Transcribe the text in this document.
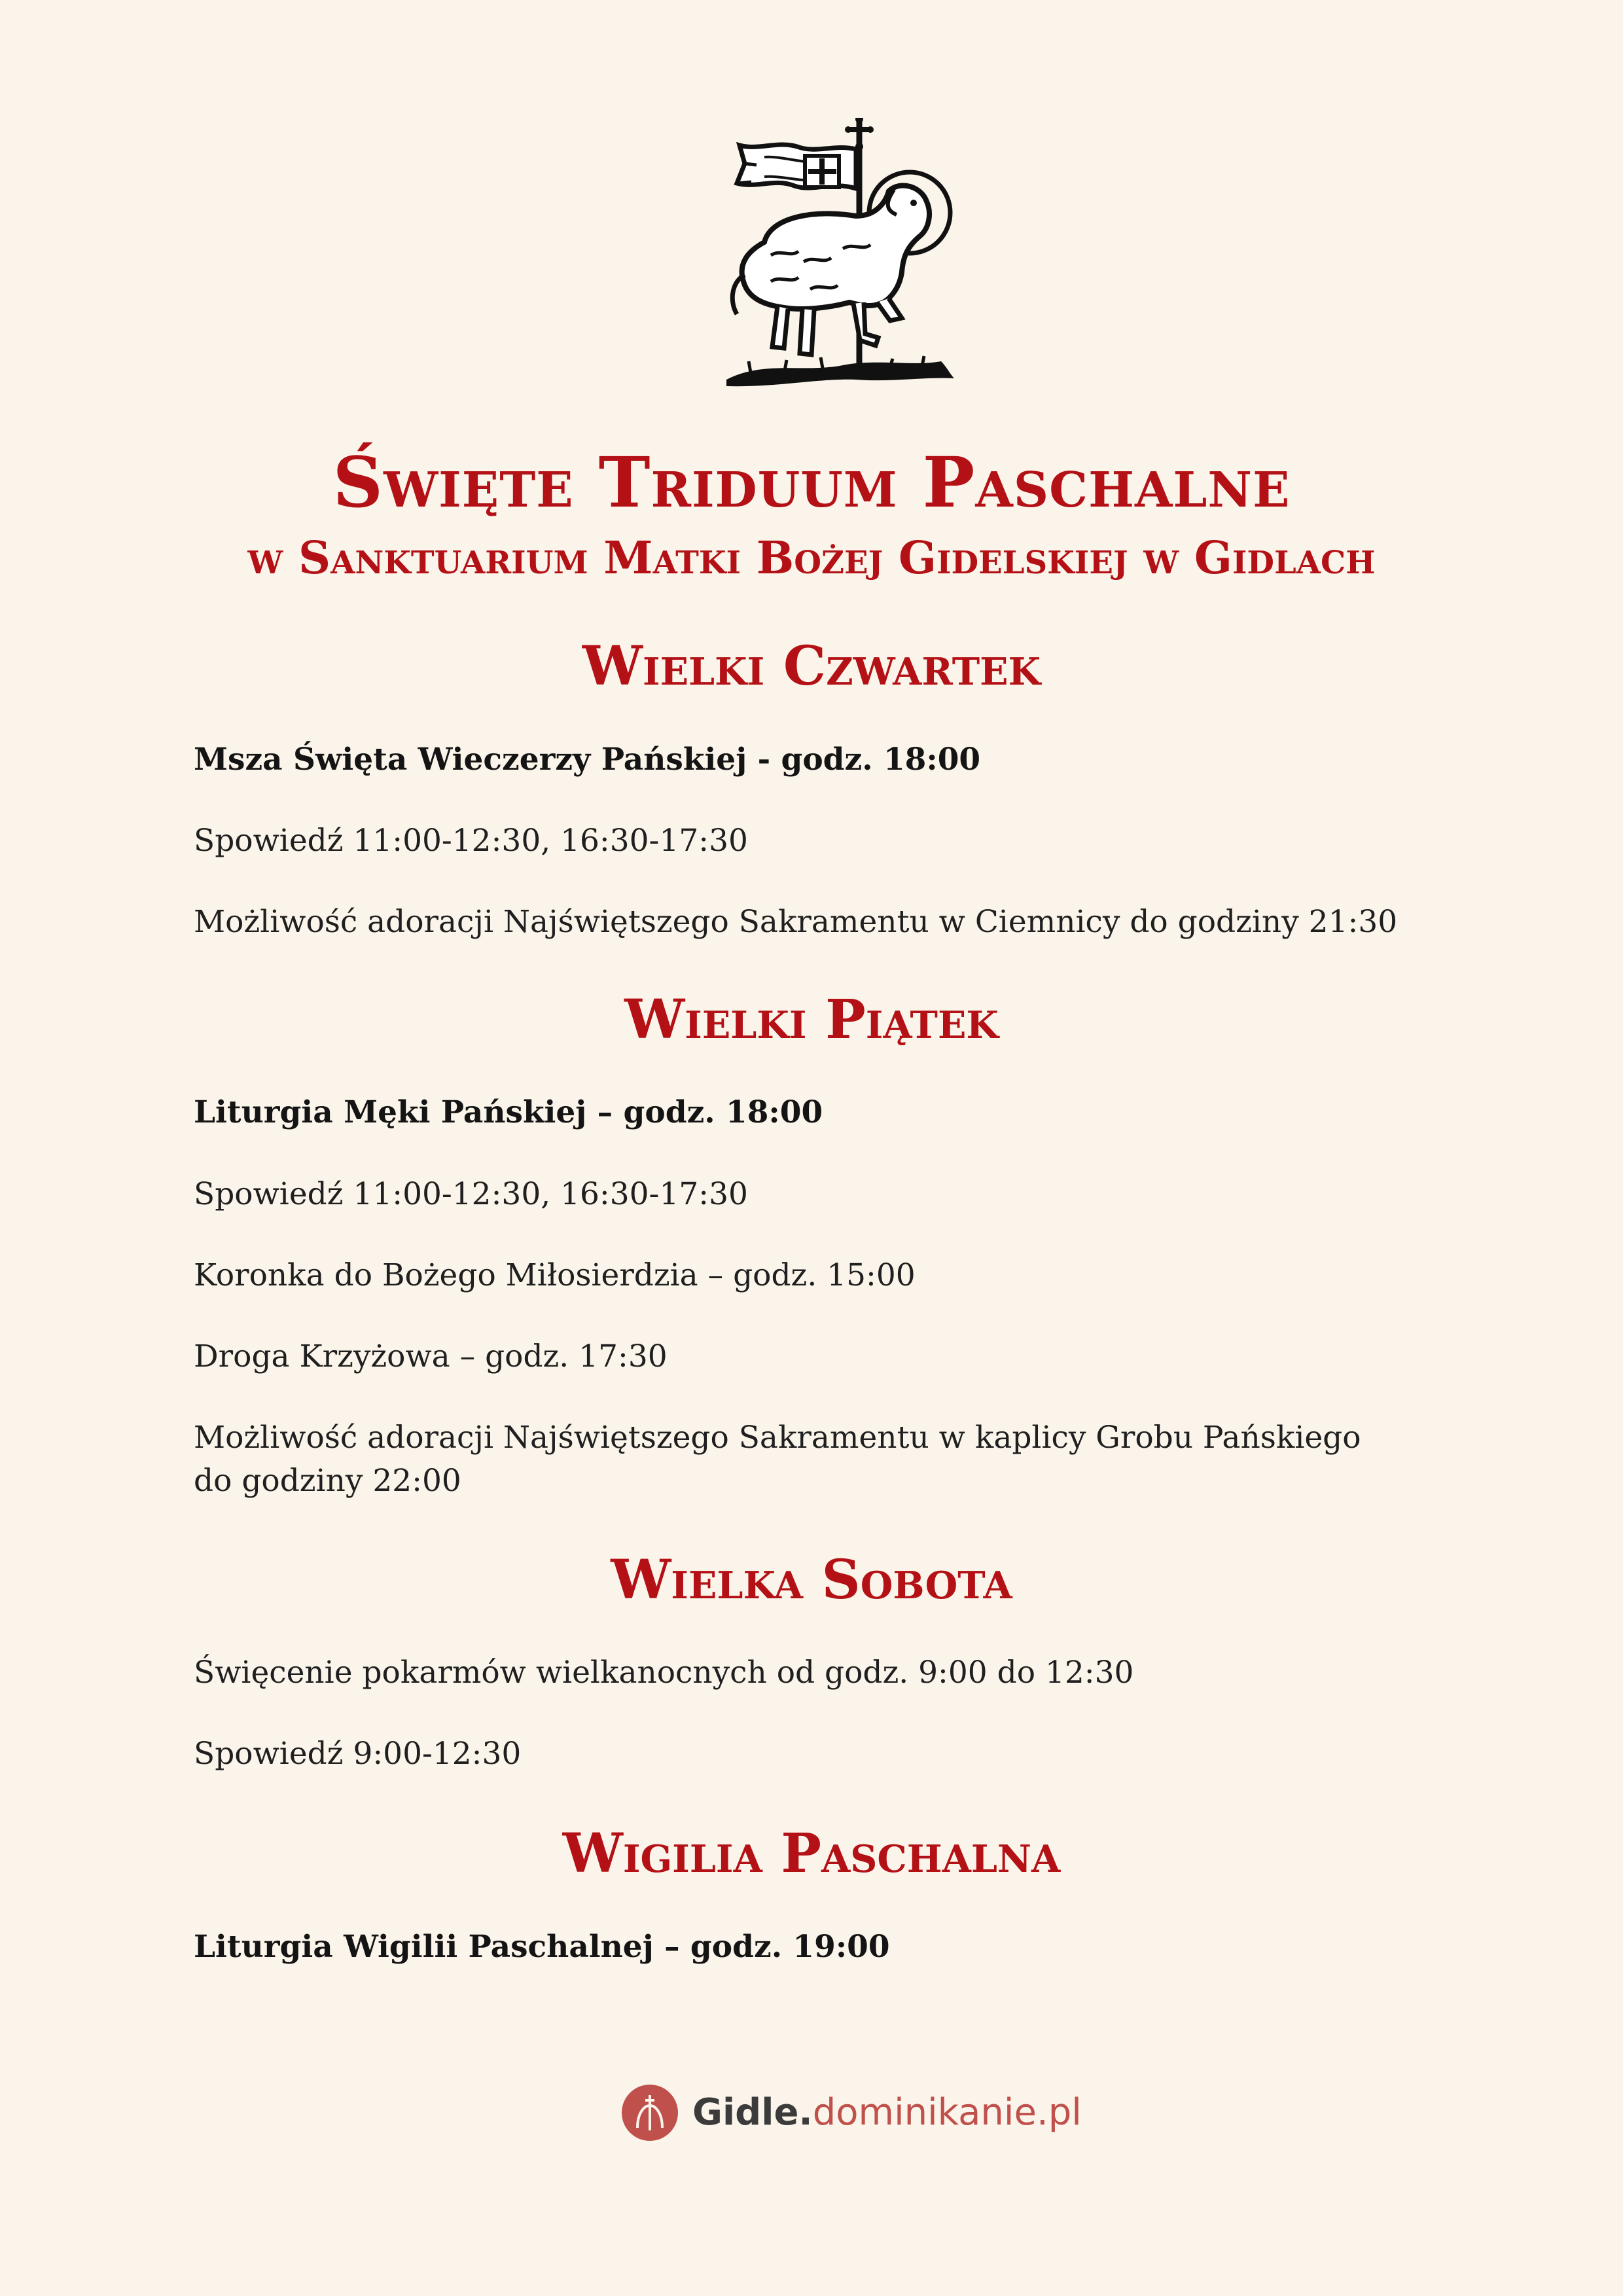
Święte Triduum Paschalne
w Sanktuarium Matki Bożej Gidelskiej w Gidlach
Wielki Czwartek

Msza Święta Wieczerzy Pańskiej - godz. 18:00

Spowiedź 11:00-12:30, 16:30-17:30

Możliwość adoracji Najświętszego Sakramentu w Ciemnicy do godziny 21:30

Wielki Piątek

Liturgia Męki Pańskiej – godz. 18:00

Spowiedź 11:00-12:30, 16:30-17:30

Koronka do Bożego Miłosierdzia – godz. 15:00

Droga Krzyżowa – godz. 17:30

Możliwość adoracji Najświętszego Sakramentu w kaplicy Grobu Pańskiego
do godziny 22:00

Wielka Sobota

Święcenie pokarmów wielkanocnych od godz. 9:00 do 12:30

Spowiedź 9:00-12:30

Wigilia Paschalna

Liturgia Wigilii Paschalnej – godz. 19:00

Gidle.dominikanie.pl
